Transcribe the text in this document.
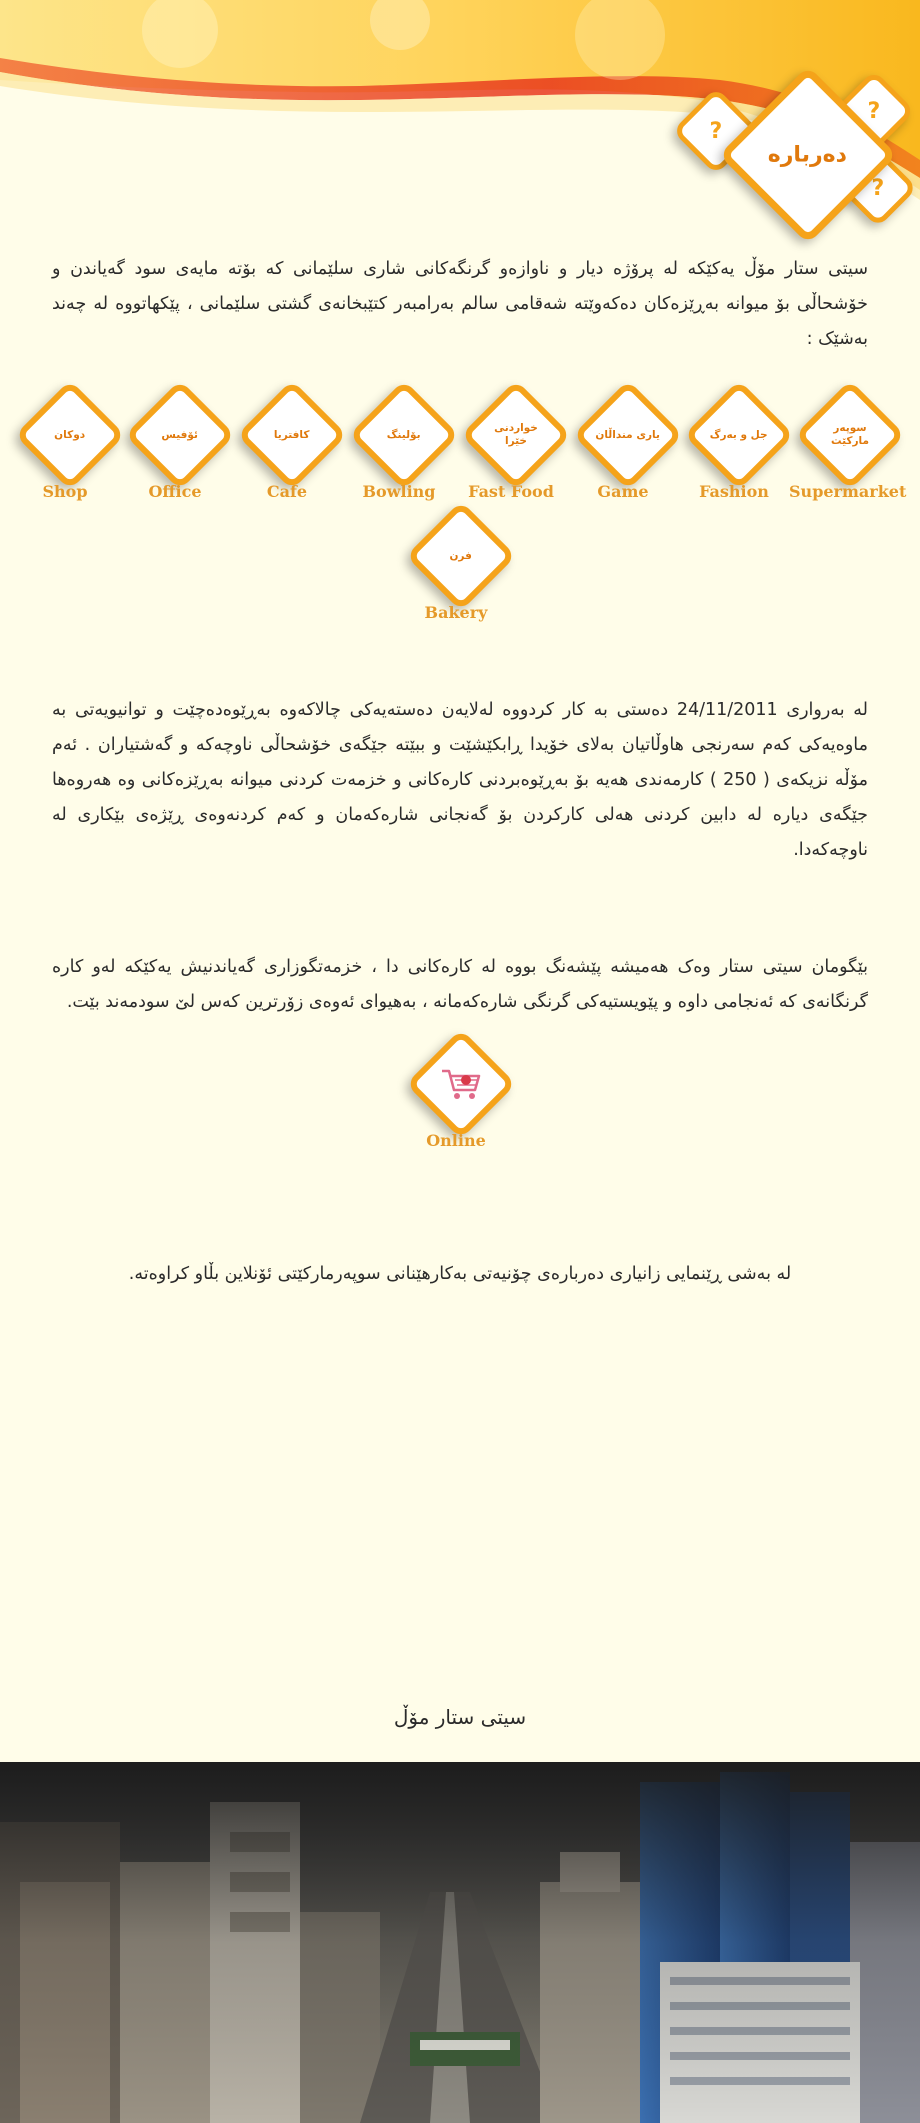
?
?
?
دەربارە

سیتی ستار مۆڵ یەکێکە لە پرۆژە دیار و ناوازەو گرنگەکانی شاری سلێمانی کە بۆتە مایەی سود گەیاندن و خۆشحاڵی بۆ میوانە بەڕێزەکان دەکەوێتە شەقامی سالم بەرامبەر کتێبخانەی گشتی سلێمانی ، پێکهاتووە لە چەند بەشێک :

سوپەر ماركێت
Supermarket
جل و بەرگ
Fashion
یاری منداڵان
Game
خواردنی خێرا
Fast Food
بۆلینگ
Bowling
كافتریا
Cafe
ئۆفیس
Office
دوكان
Shop
فرن
Bakery

لە بەرواری 24/11/2011 دەستی بە کار کردووە لەلایەن دەستەیەکی چالاکەوە بەڕێوەدەچێت و توانیویەتی بە ماوەیەکی کەم سەرنجی هاوڵاتیان بەلای خۆیدا ڕابکێشێت و ببێتە جێگەی خۆشحاڵی ناوچەکە و گەشتیاران . ئەم مۆڵە نزیکەی ( 250 ) کارمەندی هەیە بۆ بەڕێوەبردنی کارەکانی و خزمەت کردنی میوانە بەڕێزەکانی وە هەروەها جێگەی دیارە لە دابین کردنی هەلی کارکردن بۆ گەنجانی شارەکەمان و کەم کردنەوەی ڕێژەی بێکاری لە ناوچەکەدا.

بێگومان سیتی ستار وەک هەمیشە پێشەنگ بووە لە کارەکانی دا ، خزمەتگوزاری گەیاندنیش یەکێکە لەو کارە گرنگانەی کە ئەنجامی داوە و پێویستیەکی گرنگی شارەکەمانە ، بەهیوای ئەوەی زۆرترین کەس لێ سودمەند بێت.

Online

لە بەشی ڕێنمایی زانیاری دەربارەی چۆنیەتی بەکارهێنانی سوپەرمارکێتی ئۆنلاین بڵاو کراوەتە.

سیتی ستار مۆڵ
